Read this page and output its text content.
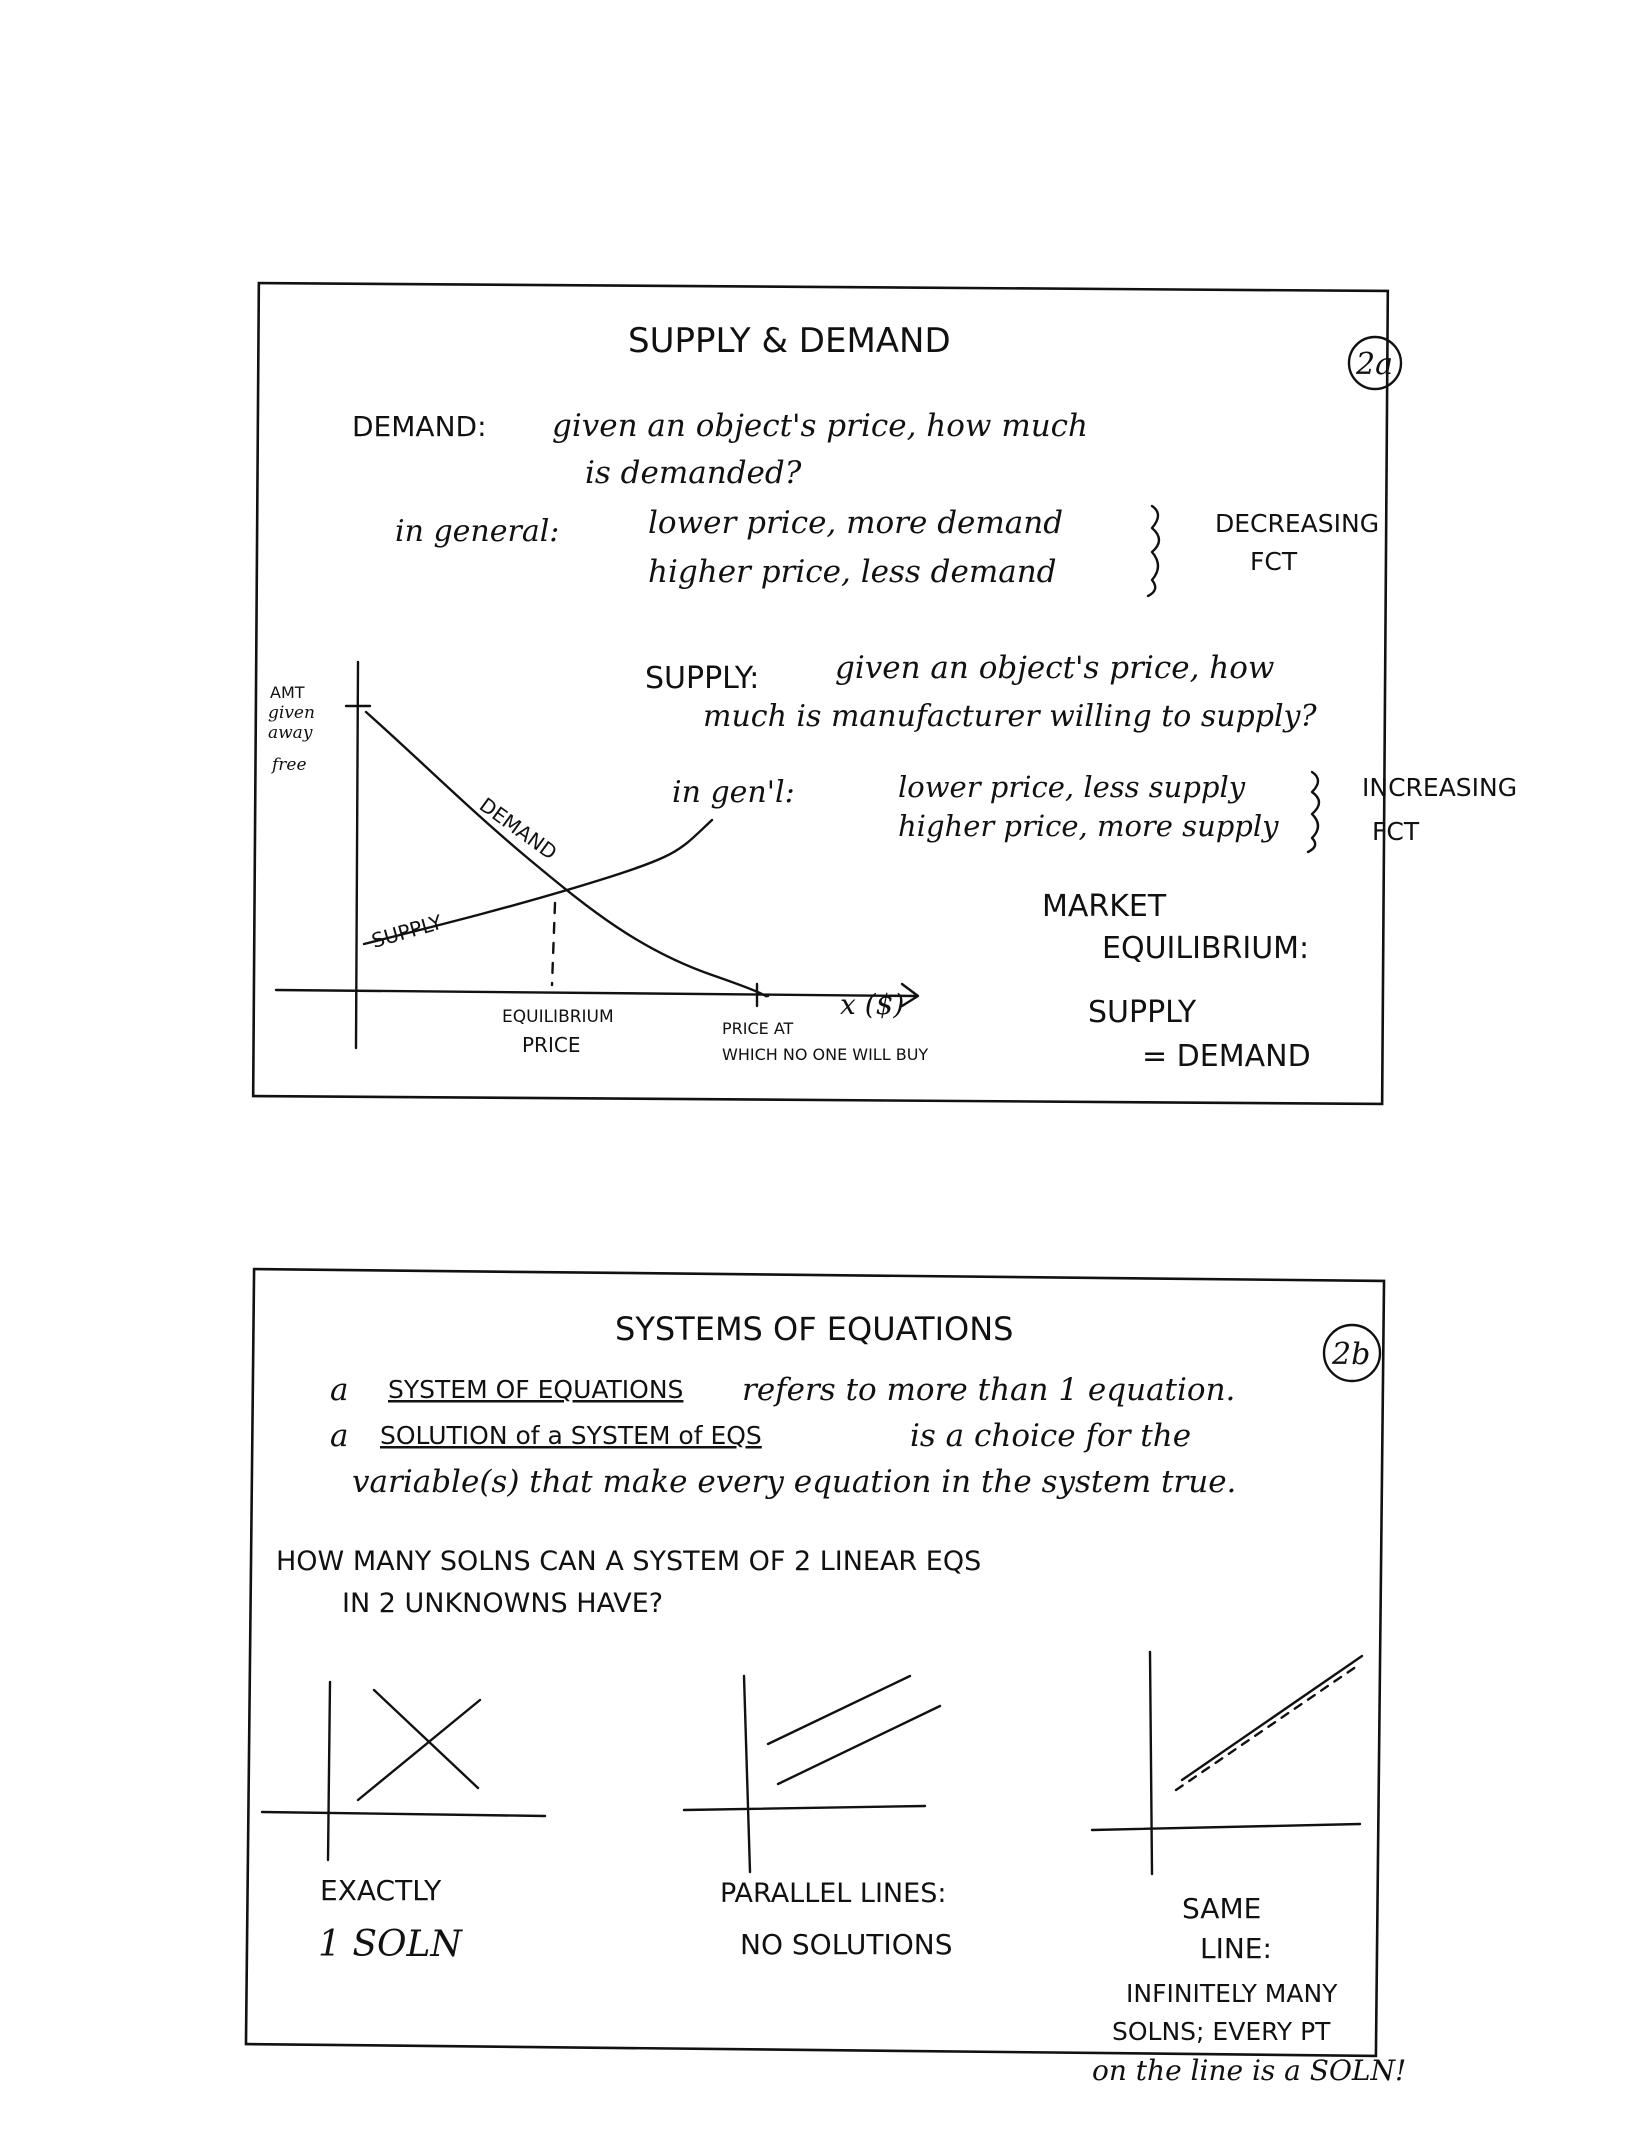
SUPPLY & DEMAND
2a
DEMAND: given an object's price, how much
is demanded?
in general:	lower price, more demand
higher price, less demand
DECREASING
FCT
SUPPLY: given an object's price, how
much is manufacturer willing to supply?
in gen'l:	lower price, less supply
higher price, more supply
INCREASING
FCT
MARKET
EQUILIBRIUM:
SUPPLY
= DEMAND
AMT
given
away
free
DEMAND
SUPPLY
EQUILIBRIUM
PRICE
PRICE AT
WHICH NO ONE WILL BUY
x ($)
SYSTEMS OF EQUATIONS
2b
a SYSTEM OF EQUATIONS refers to more than 1 equation.
a SOLUTION of a SYSTEM of EQS	is a choice for the
variable(s) that make every equation in the system true.
HOW MANY SOLNS CAN A SYSTEM OF 2 LINEAR EQS
IN 2 UNKNOWNS HAVE?
EXACTLY
1 SOLN
PARALLEL LINES:
NO SOLUTIONS
SAME
LINE:
INFINITELY MANY
SOLNS; EVERY PT
on the line is a SOLN!
